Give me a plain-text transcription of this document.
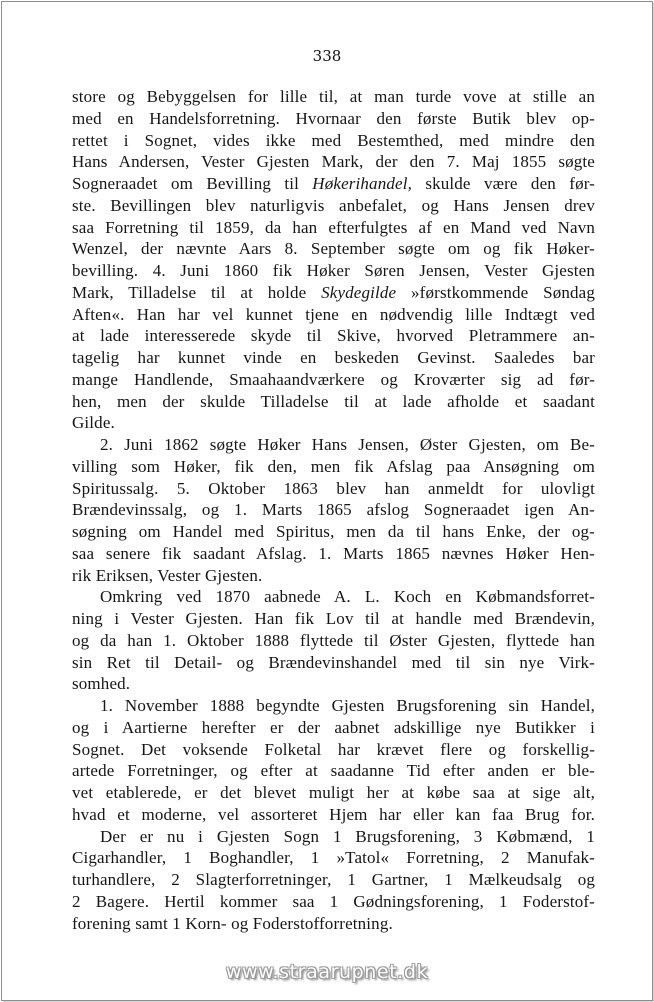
338
store og Bebyggelsen for lille til, at man turde vove at stille an
med en Handelsforretning. Hvornaar den første Butik blev op-
rettet i Sognet, vides ikke med Bestemthed, med mindre den
Hans Andersen, Vester Gjesten Mark, der den 7. Maj 1855 søgte
Sogneraadet om Bevilling til Høkerihandel, skulde være den før-
ste. Bevillingen blev naturligvis anbefalet, og Hans Jensen drev
saa Forretning til 1859, da han efterfulgtes af en Mand ved Navn
Wenzel, der nævnte Aars 8. September søgte om og fik Høker-
bevilling. 4. Juni 1860 fik Høker Søren Jensen, Vester Gjesten
Mark, Tilladelse til at holde Skydegilde »førstkommende Søndag
Aften«. Han har vel kunnet tjene en nødvendig lille Indtægt ved
at lade interesserede skyde til Skive, hvorved Pletrammere an-
tagelig har kunnet vinde en beskeden Gevinst. Saaledes bar
mange Handlende, Smaahaandværkere og Kroværter sig ad før-
hen, men der skulde Tilladelse til at lade afholde et saadant
Gilde.
2. Juni 1862 søgte Høker Hans Jensen, Øster Gjesten, om Be-
villing som Høker, fik den, men fik Afslag paa Ansøgning om
Spiritussalg. 5. Oktober 1863 blev han anmeldt for ulovligt
Brændevinssalg, og 1. Marts 1865 afslog Sogneraadet igen An-
søgning om Handel med Spiritus, men da til hans Enke, der og-
saa senere fik saadant Afslag. 1. Marts 1865 nævnes Høker Hen-
rik Eriksen, Vester Gjesten.
Omkring ved 1870 aabnede A. L. Koch en Købmandsforret-
ning i Vester Gjesten. Han fik Lov til at handle med Brændevin,
og da han 1. Oktober 1888 flyttede til Øster Gjesten, flyttede han
sin Ret til Detail- og Brændevinshandel med til sin nye Virk-
somhed.
1. November 1888 begyndte Gjesten Brugsforening sin Handel,
og i Aartierne herefter er der aabnet adskillige nye Butikker i
Sognet. Det voksende Folketal har krævet flere og forskellig-
artede Forretninger, og efter at saadanne Tid efter anden er ble-
vet etablerede, er det blevet muligt her at købe saa at sige alt,
hvad et moderne, vel assorteret Hjem har eller kan faa Brug for.
Der er nu i Gjesten Sogn 1 Brugsforening, 3 Købmænd, 1
Cigarhandler, 1 Boghandler, 1 »Tatol« Forretning, 2 Manufak-
turhandlere, 2 Slagterforretninger, 1 Gartner, 1 Mælkeudsalg og
2 Bagere. Hertil kommer saa 1 Gødningsforening, 1 Foderstof-
forening samt 1 Korn- og Foderstofforretning.
www.straarupnet.dk
